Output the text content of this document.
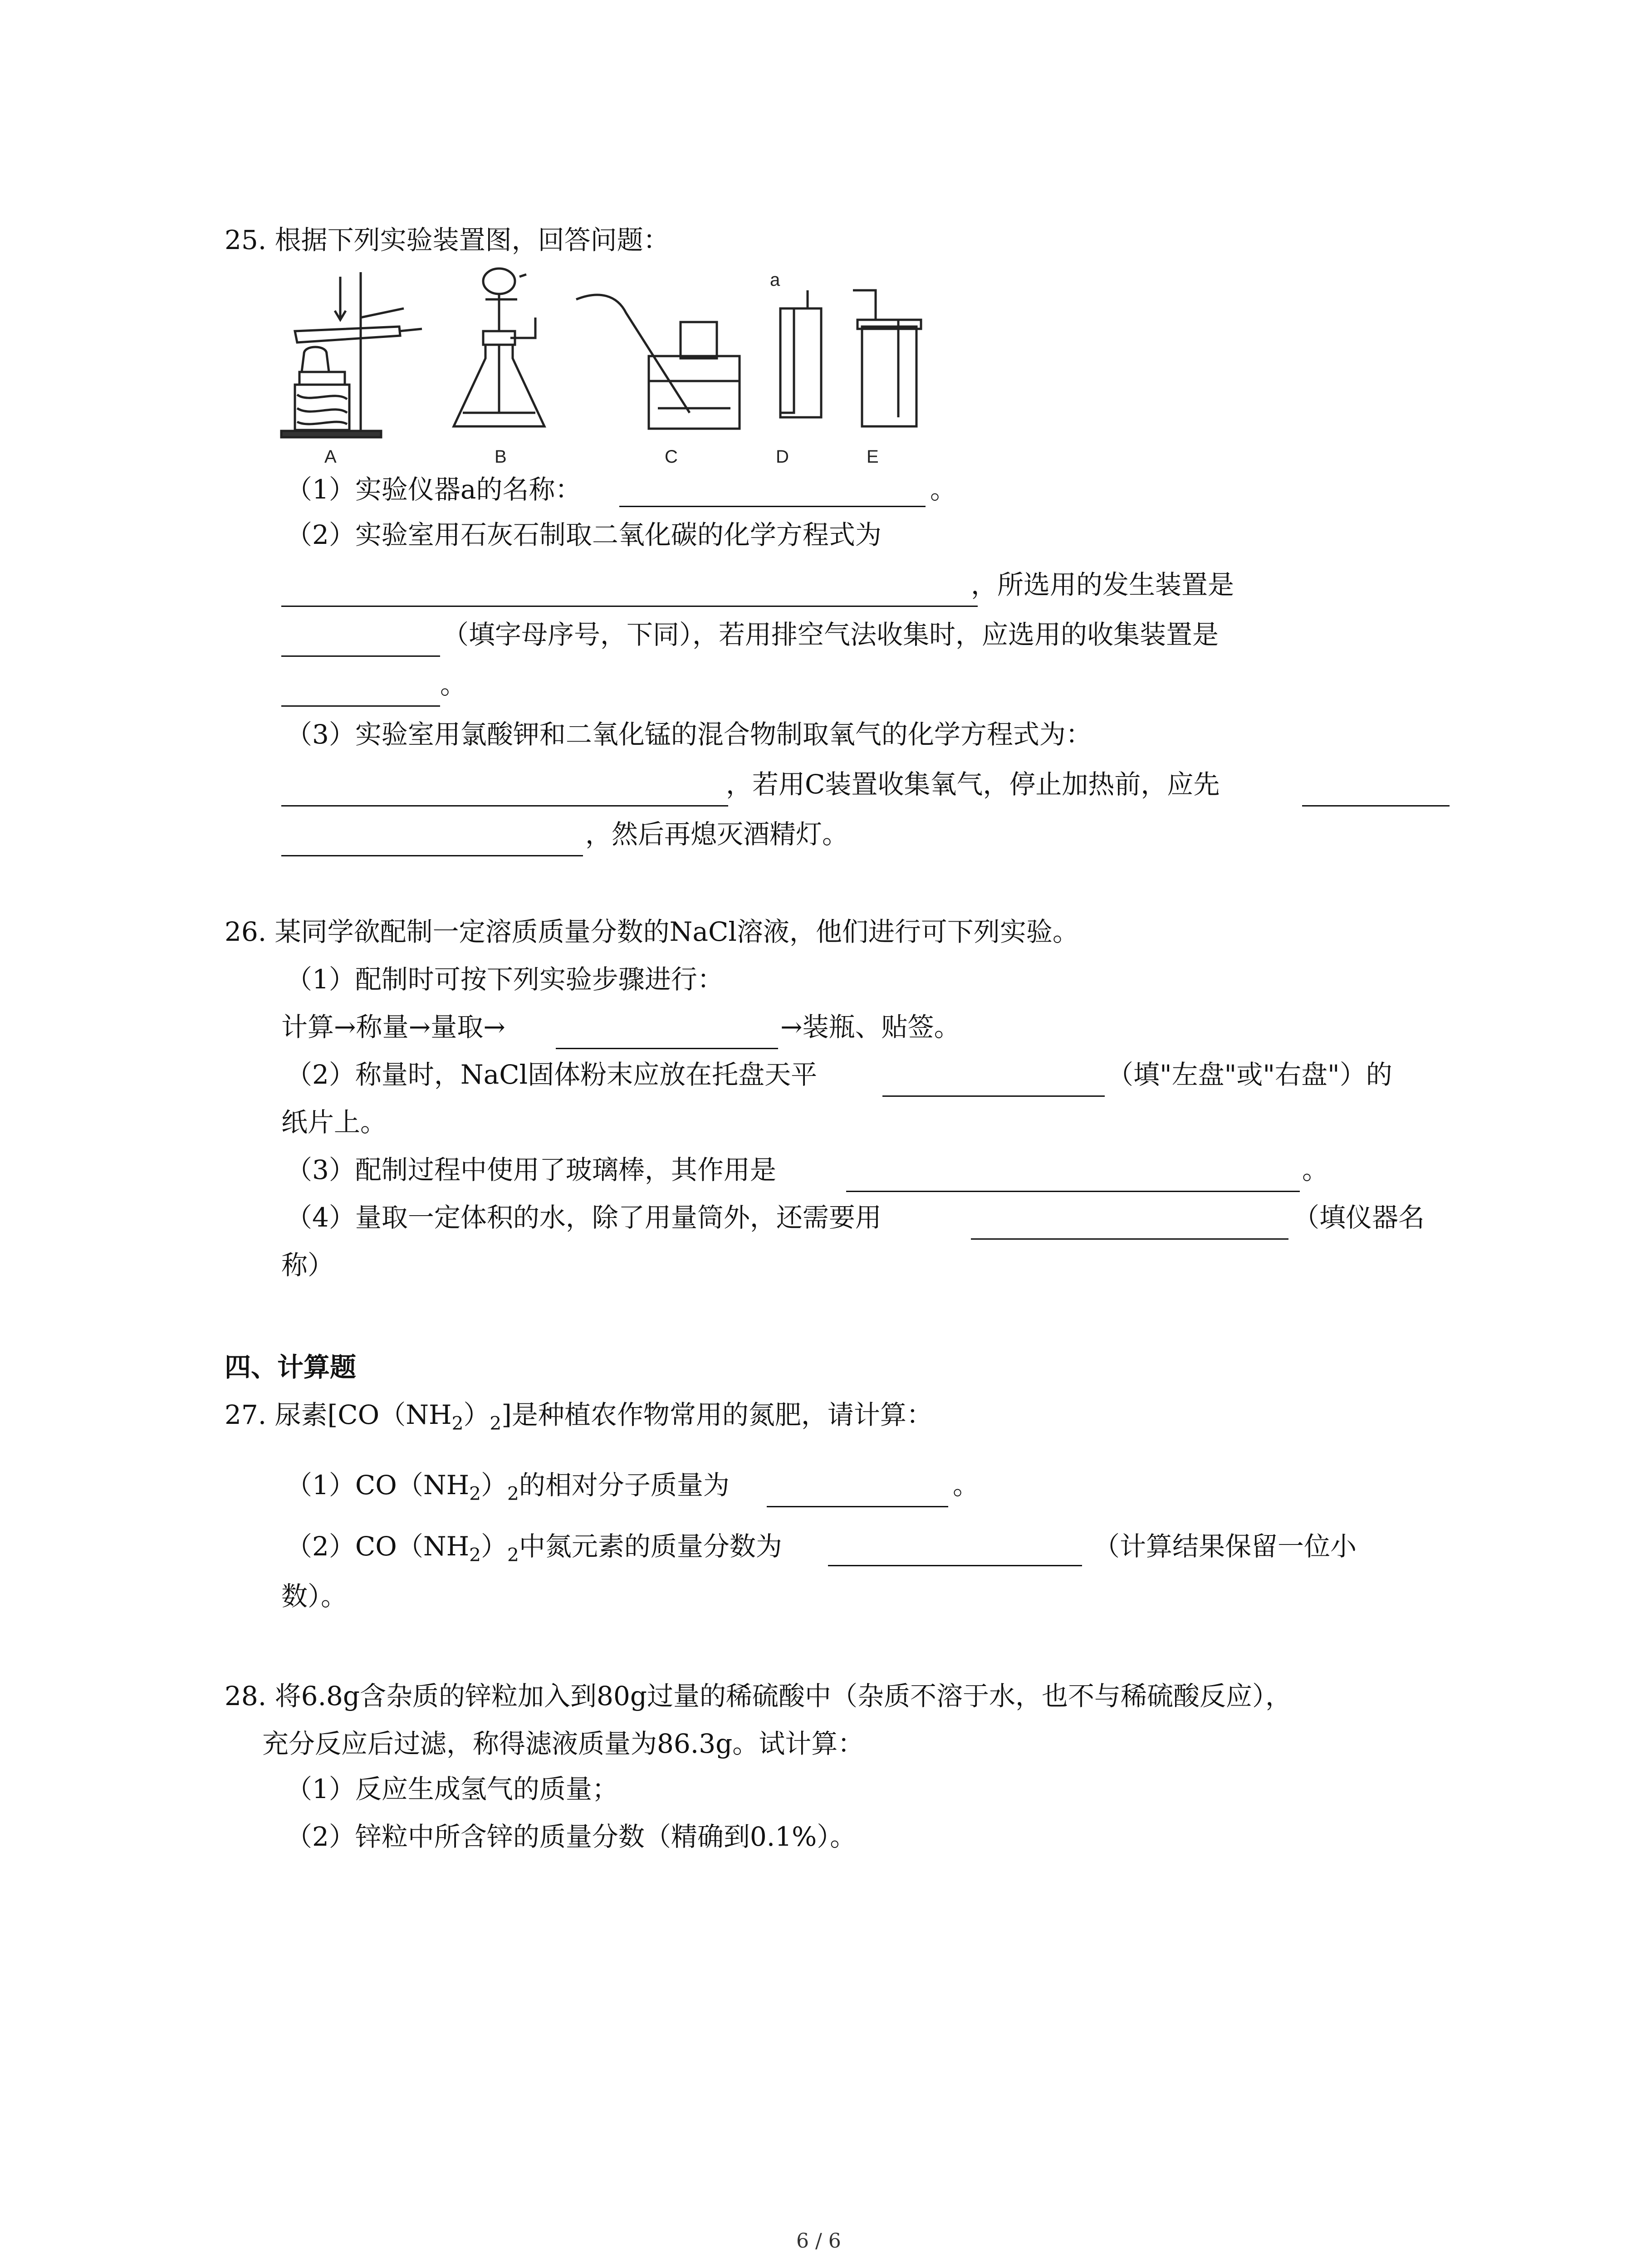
25. 根据下列实验装置图，回答问题：
a
A	B	C	D	E
（1）实验仪器a的名称：	。
（2）实验室用石灰石制取二氧化碳的化学方程式为
，所选用的发生装置是
（填字母序号，下同），若用排空气法收集时，应选用的收集装置是
。
（3）实验室用氯酸钾和二氧化锰的混合物制取氧气的化学方程式为：
，若用C装置收集氧气，停止加热前，应先
，然后再熄灭酒精灯。
26. 某同学欲配制一定溶质质量分数的NaCl溶液，他们进行可下列实验。
（1）配制时可按下列实验步骤进行：
计算→称量→量取→	→装瓶、贴签。
（2）称量时，NaCl固体粉末应放在托盘天平	（填"左盘"或"右盘"）的
纸片上。
（3）配制过程中使用了玻璃棒，其作用是	。
（4）量取一定体积的水，除了用量筒外，还需要用	（填仪器名
称）
四、计算题
27. 尿素$[CO(NH_2)_2]$是种植农作物常用的氮肥，请计算：
$(1)CO(NH_2)_2$的相对分子质量为	。
$(2)CO(NH_2)_2$中氮元素的质量分数为	（计算结果保留一位小
数）。
28. 将6.8g含杂质的锌粒加入到80g过量的稀硫酸中（杂质不溶于水，也不与稀硫酸反应），
充分反应后过滤，称得滤液质量为86.3g。试计算：
（1）反应生成氢气的质量；
（2）锌粒中所含锌的质量分数（精确到0.1%）。
6 / 6
